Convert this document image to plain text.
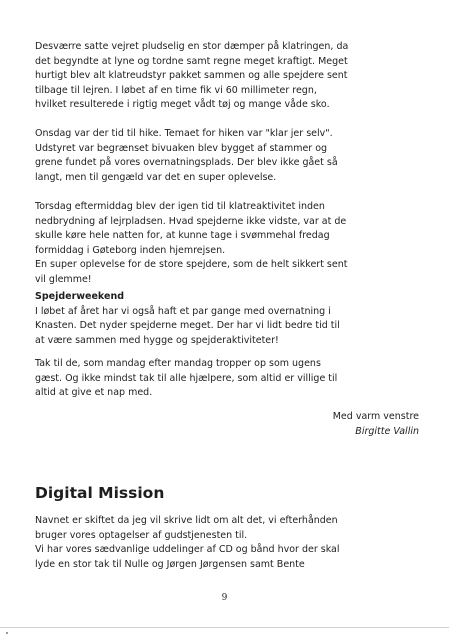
Desværre satte vejret pludselig en stor dæmper på klatringen, da
det begyndte at lyne og tordne samt regne meget kraftigt. Meget
hurtigt blev alt klatreudstyr pakket sammen og alle spejdere sent
tilbage til lejren. I løbet af en time fik vi 60 millimeter regn,
hvilket resulterede i rigtig meget vådt tøj og mange våde sko.
Onsdag var der tid til hike. Temaet for hiken var "klar jer selv".
Udstyret var begrænset bivuaken blev bygget af stammer og
grene fundet på vores overnatningsplads. Der blev ikke gået så
langt, men til gengæld var det en super oplevelse.
Torsdag eftermiddag blev der igen tid til klatreaktivitet inden
nedbrydning af lejrpladsen. Hvad spejderne ikke vidste, var at de
skulle køre hele natten for, at kunne tage i svømmehal fredag
formiddag i Gøteborg inden hjemrejsen.
En super oplevelse for de store spejdere, som de helt sikkert sent
vil glemme!
Spejderweekend
I løbet af året har vi også haft et par gange med overnatning i
Knasten. Det nyder spejderne meget. Der har vi lidt bedre tid til
at være sammen med hygge og spejderaktiviteter!
Tak til de, som mandag efter mandag tropper op som ugens
gæst. Og ikke mindst tak til alle hjælpere, som altid er villige til
altid at give et nap med.
Med varm venstre
Birgitte Vallin
Digital Mission
Navnet er skiftet da jeg vil skrive lidt om alt det, vi efterhånden
bruger vores optagelser af gudstjenesten til.
Vi har vores sædvanlige uddelinger af CD og bånd hvor der skal
lyde en stor tak til Nulle og Jørgen Jørgensen samt Bente
9
